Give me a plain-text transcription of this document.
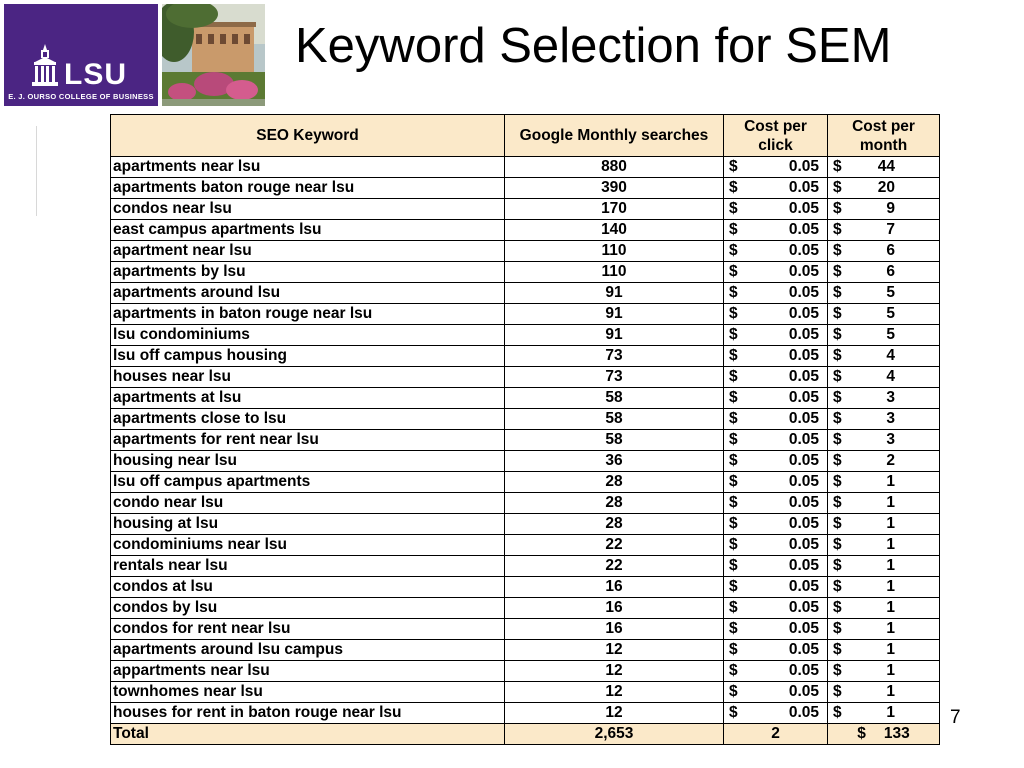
LSU
E. J. OURSO COLLEGE OF BUSINESS
Keyword Selection for SEM
SEO Keyword	Google Monthly searches	Cost per click	Cost per month
apartments near lsu	880	$ 0.05	$ 44

apartments baton rouge near lsu	390	$ 0.05	$ 20

condos near lsu	170	$ 0.05	$ 9

east campus apartments lsu	140	$ 0.05	$ 7

apartment near lsu	110	$ 0.05	$ 6

apartments by lsu	110	$ 0.05	$ 6

apartments around lsu	91	$ 0.05	$ 5

apartments in baton rouge near lsu	91	$ 0.05	$ 5

lsu condominiums	91	$ 0.05	$ 5

lsu off campus housing	73	$ 0.05	$ 4

houses near lsu	73	$ 0.05	$ 4

apartments at lsu	58	$ 0.05	$ 3

apartments close to lsu	58	$ 0.05	$ 3

apartments for rent near lsu	58	$ 0.05	$ 3

housing near lsu	36	$ 0.05	$ 2

lsu off campus apartments	28	$ 0.05	$ 1

condo near lsu	28	$ 0.05	$ 1

housing at lsu	28	$ 0.05	$ 1

condominiums near lsu	22	$ 0.05	$ 1

rentals near lsu	22	$ 0.05	$ 1

condos at lsu	16	$ 0.05	$ 1

condos by lsu	16	$ 0.05	$ 1

condos for rent near lsu	16	$ 0.05	$ 1

apartments around lsu campus	12	$ 0.05	$ 1

appartments near lsu	12	$ 0.05	$ 1

townhomes near lsu	12	$ 0.05	$ 1

houses for rent in baton rouge near lsu	12	$ 0.05	$ 1

Total	2,653	2	$ 133
7
